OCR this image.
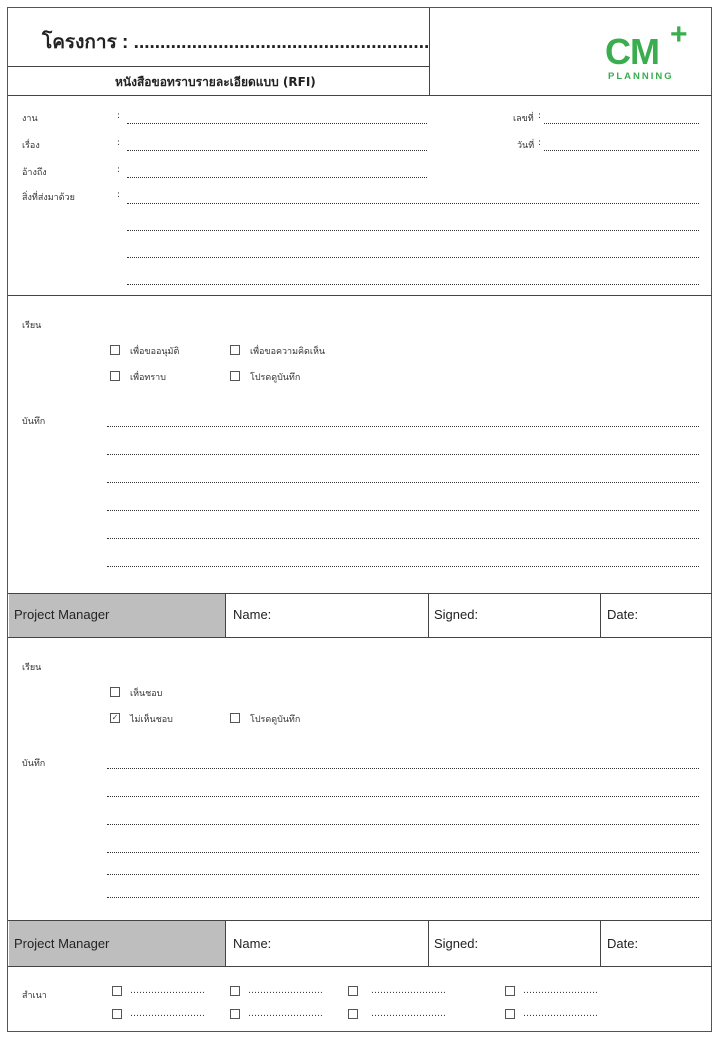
โครงการ : ........................................................
หนังสือขอทราบรายละเอียดแบบ (RFI)
CM +
PLANNING
งาน	:
เรื่อง	:
อ้างถึง	:
สิ่งที่ส่งมาด้วย	:
เลขที่ :
วันที่ :
เรียน
เพื่อขออนุมัติ	เพื่อขอความคิดเห็น
เพื่อทราบ	โปรดดูบันทึก
บันทึก
Project Manager	Name:	Signed:	Date:
เรียน
เห็นชอบ
✓ ไม่เห็นชอบ	โปรดดูบันทึก
บันทึก
Project Manager	Name:	Signed:	Date:
สำเนา	…………………….	…………………….	…………………….	…………………….
…………………….	…………………….	…………………….	…………………….
